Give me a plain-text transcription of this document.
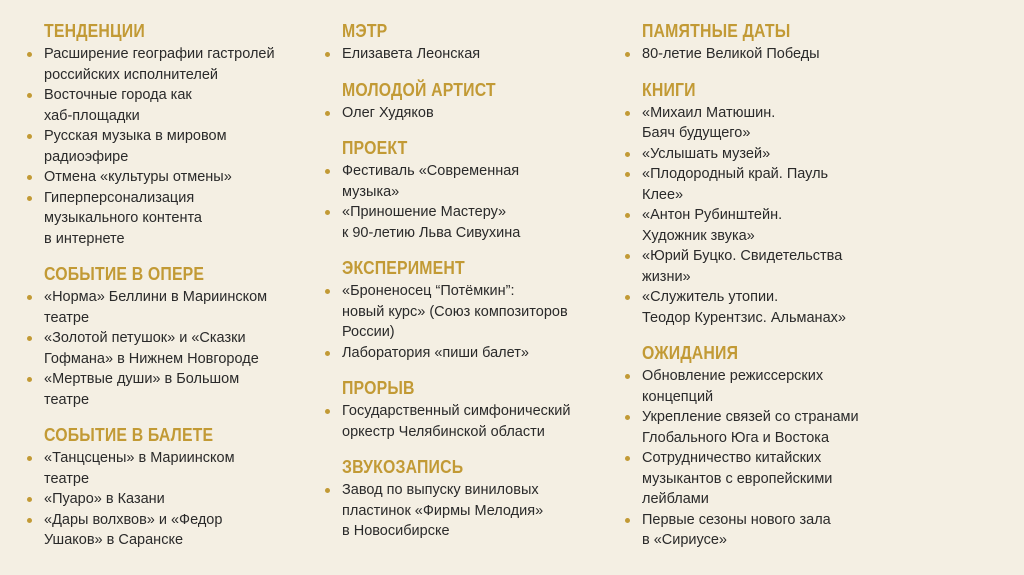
ТЕНДЕНЦИИ
Расширение географии гастролей
российских исполнителей
Восточные города как
хаб-площадки
Русская музыка в мировом
радиоэфире
Отмена «культуры отмены»
Гиперперсонализация
музыкального контента
в интернете
СОБЫТИЕ В ОПЕРЕ
«Норма» Беллини в Мариинском
театре
«Золотой петушок» и «Сказки
Гофмана» в Нижнем Новгороде
«Мертвые души» в Большом
театре
СОБЫТИЕ В БАЛЕТЕ
«Танцсцены» в Мариинском
театре
«Пуаро» в Казани
«Дары волхвов» и «Федор
Ушаков» в Саранске
МЭТР
Елизавета Леонская
МОЛОДОЙ АРТИСТ
Олег Худяков
ПРОЕКТ
Фестиваль «Современная
музыка»
«Приношение Мастеру»
к 90-летию Льва Сивухина
ЭКСПЕРИМЕНТ
«Броненосец “Потёмкин”:
новый курс» (Союз композиторов
России)
Лаборатория «пиши балет»
ПРОРЫВ
Государственный симфонический
оркестр Челябинской области
ЗВУКОЗАПИСЬ
Завод по выпуску виниловых
пластинок «Фирмы Мелодия»
в Новосибирске
ПАМЯТНЫЕ ДАТЫ
80-летие Великой Победы
КНИГИ
«Михаил Матюшин.
Баяч будущего»
«Услышать музей»
«Плодородный край. Пауль
Клее»
«Антон Рубинштейн.
Художник звука»
«Юрий Буцко. Свидетельства
жизни»
«Служитель утопии.
Теодор Курентзис. Альманах»
ОЖИДАНИЯ
Обновление режиссерских
концепций
Укрепление связей со странами
Глобального Юга и Востока
Сотрудничество китайских
музыкантов с европейскими
лейблами
Первые сезоны нового зала
в «Сириусе»
